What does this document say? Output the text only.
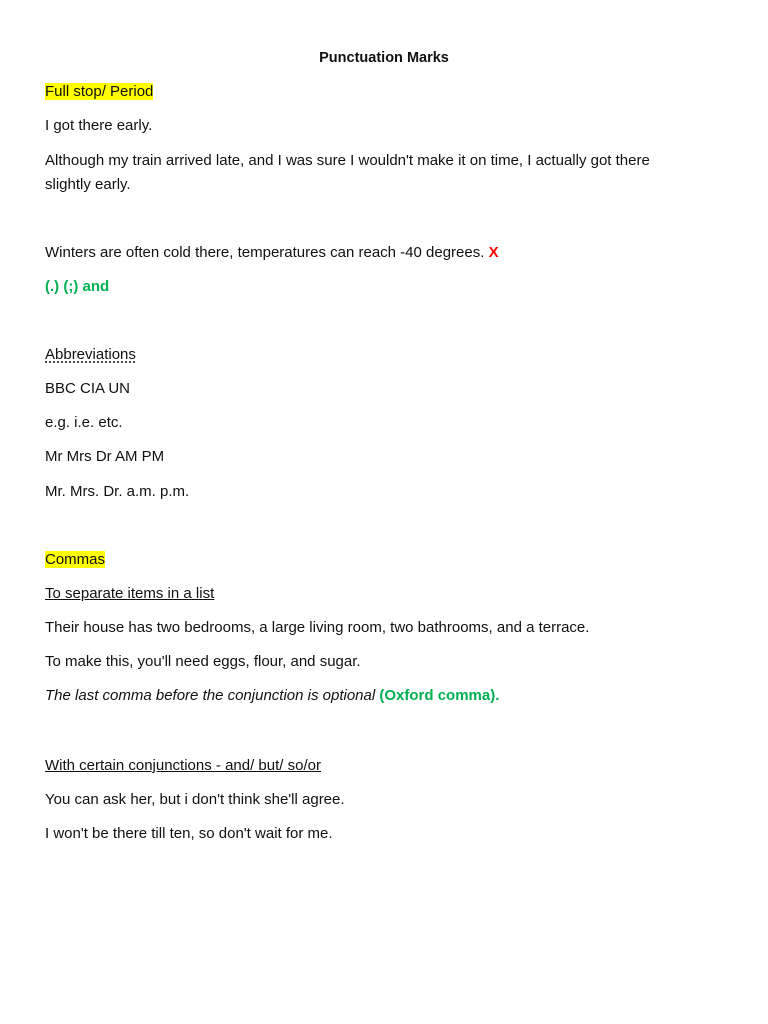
Punctuation Marks
Full stop/ Period
I got there early.
Although my train arrived late, and I was sure I wouldn't make it on time, I actually got there
slightly early.
Winters are often cold there, temperatures can reach -40 degrees. X
(.) (;) and
Abbreviations
BBC CIA UN
e.g. i.e. etc.
Mr Mrs Dr AM PM
Mr. Mrs. Dr. a.m. p.m.
Commas
To separate items in a list
Their house has two bedrooms, a large living room, two bathrooms, and a terrace.
To make this, you'll need eggs, flour, and sugar.
The last comma before the conjunction is optional (Oxford comma).
With certain conjunctions - and/ but/ so/or
You can ask her, but i don't think she'll agree.
I won't be there till ten, so don't wait for me.
